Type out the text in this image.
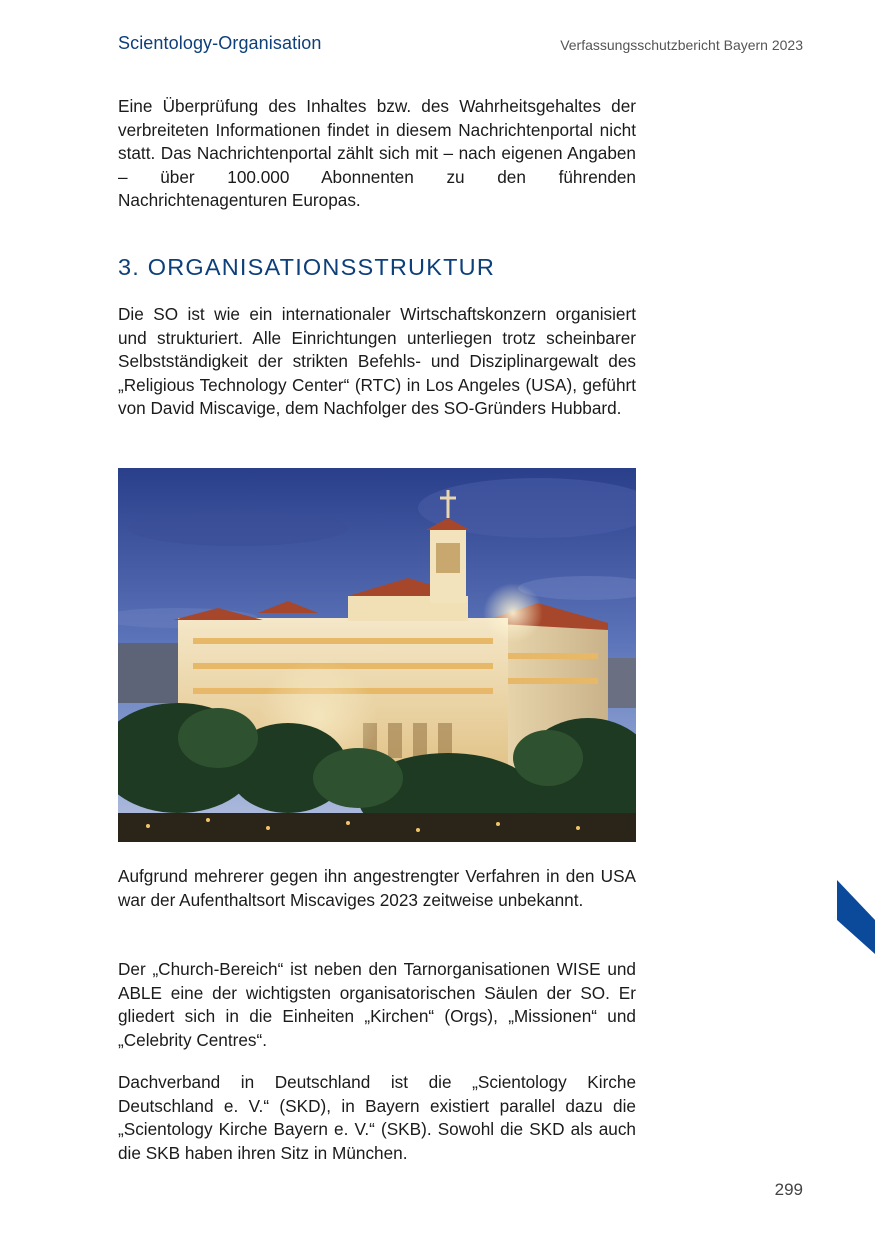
Scientology-Organisation	Verfassungsschutzbericht Bayern 2023

Eine Überprüfung des Inhaltes bzw. des Wahrheitsgehaltes der verbreiteten Informationen findet in diesem Nachrichtenportal nicht statt. Das Nachrichtenportal zählt sich mit – nach eigenen Angaben – über 100.000 Abonnenten zu den führenden Nachrichtenagenturen Europas.

3. ORGANISATIONSSTRUKTUR

Die SO ist wie ein internationaler Wirtschaftskonzern organisiert und strukturiert. Alle Einrichtungen unterliegen trotz scheinbarer Selbstständigkeit der strikten Befehls- und Disziplinargewalt des „Religious Technology Center“ (RTC) in Los Angeles (USA), geführt von David Miscavige, dem Nachfolger des SO-Gründers Hubbard.

Aufgrund mehrerer gegen ihn angestrengter Verfahren in den USA war der Aufenthaltsort Miscaviges 2023 zeitweise unbekannt.

Der „Church-Bereich“ ist neben den Tarnorganisationen WISE und ABLE eine der wichtigsten organisatorischen Säulen der SO. Er gliedert sich in die Einheiten „Kirchen“ (Orgs), „Missionen“ und „Celebrity Centres“.

Dachverband in Deutschland ist die „Scientology Kirche Deutschland e. V.“ (SKD), in Bayern existiert parallel dazu die „Scientology Kirche Bayern e. V.“ (SKB). Sowohl die SKD als auch die SKB haben ihren Sitz in München.

299
